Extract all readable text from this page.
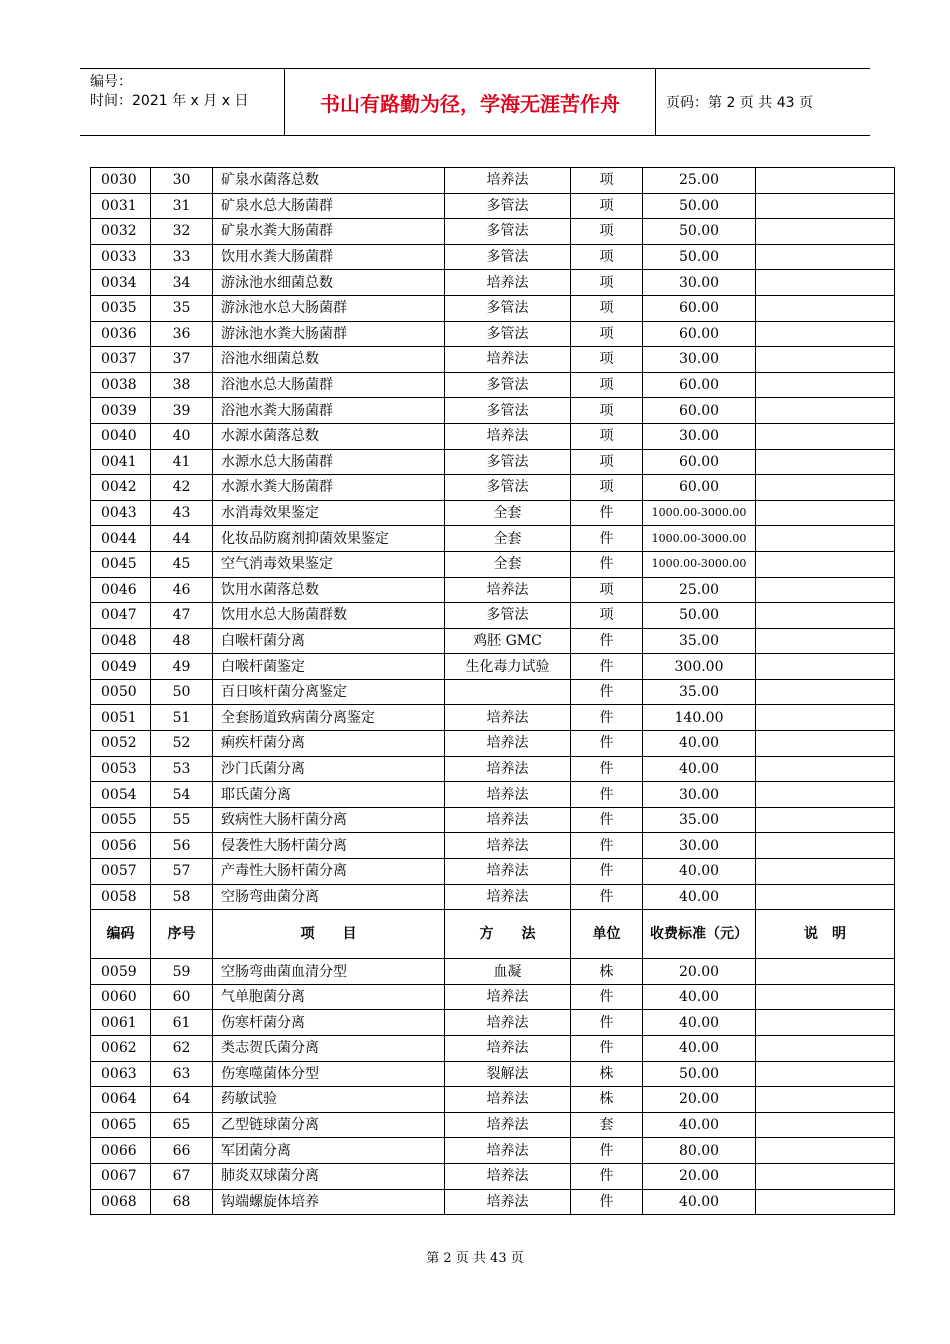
编号：
时间：2021 年 x 月 x 日	书山有路勤为径，学海无涯苦作舟	页码：第 2 页 共 43 页
0030	30	矿泉水菌落总数	培养法	项	25.00	
0031	31	矿泉水总大肠菌群	多管法	项	50.00	
0032	32	矿泉水粪大肠菌群	多管法	项	50.00	
0033	33	饮用水粪大肠菌群	多管法	项	50.00	
0034	34	游泳池水细菌总数	培养法	项	30.00	
0035	35	游泳池水总大肠菌群	多管法	项	60.00	
0036	36	游泳池水粪大肠菌群	多管法	项	60.00	
0037	37	浴池水细菌总数	培养法	项	30.00	
0038	38	浴池水总大肠菌群	多管法	项	60.00	
0039	39	浴池水粪大肠菌群	多管法	项	60.00	
0040	40	水源水菌落总数	培养法	项	30.00	
0041	41	水源水总大肠菌群	多管法	项	60.00	
0042	42	水源水粪大肠菌群	多管法	项	60.00	
0043	43	水消毒效果鉴定	全套	件	1000.00-3000.00	
0044	44	化妆品防腐剂抑菌效果鉴定	全套	件	1000.00-3000.00	
0045	45	空气消毒效果鉴定	全套	件	1000.00-3000.00	
0046	46	饮用水菌落总数	培养法	项	25.00	
0047	47	饮用水总大肠菌群数	多管法	项	50.00	
0048	48	白喉杆菌分离	鸡胚 GMC	件	35.00	
0049	49	白喉杆菌鉴定	生化毒力试验	件	300.00	
0050	50	百日咳杆菌分离鉴定		件	35.00	
0051	51	全套肠道致病菌分离鉴定	培养法	件	140.00	
0052	52	痢疾杆菌分离	培养法	件	40.00	
0053	53	沙门氏菌分离	培养法	件	40.00	
0054	54	耶氏菌分离	培养法	件	30.00	
0055	55	致病性大肠杆菌分离	培养法	件	35.00	
0056	56	侵袭性大肠杆菌分离	培养法	件	30.00	
0057	57	产毒性大肠杆菌分离	培养法	件	40.00	
0058	58	空肠弯曲菌分离	培养法	件	40.00	
编码	序号	项　　目	方　　法	单位	收费标准（元）	说　明
0059	59	空肠弯曲菌血清分型	血凝	株	20.00	
0060	60	气单胞菌分离	培养法	件	40.00	
0061	61	伤寒杆菌分离	培养法	件	40.00	
0062	62	类志贺氏菌分离	培养法	件	40.00	
0063	63	伤寒噬菌体分型	裂解法	株	50.00	
0064	64	药敏试验	培养法	株	20.00	
0065	65	乙型链球菌分离	培养法	套	40.00	
0066	66	军团菌分离	培养法	件	80.00	
0067	67	肺炎双球菌分离	培养法	件	20.00	
0068	68	钩端螺旋体培养	培养法	件	40.00	
第 2 页 共 43 页
